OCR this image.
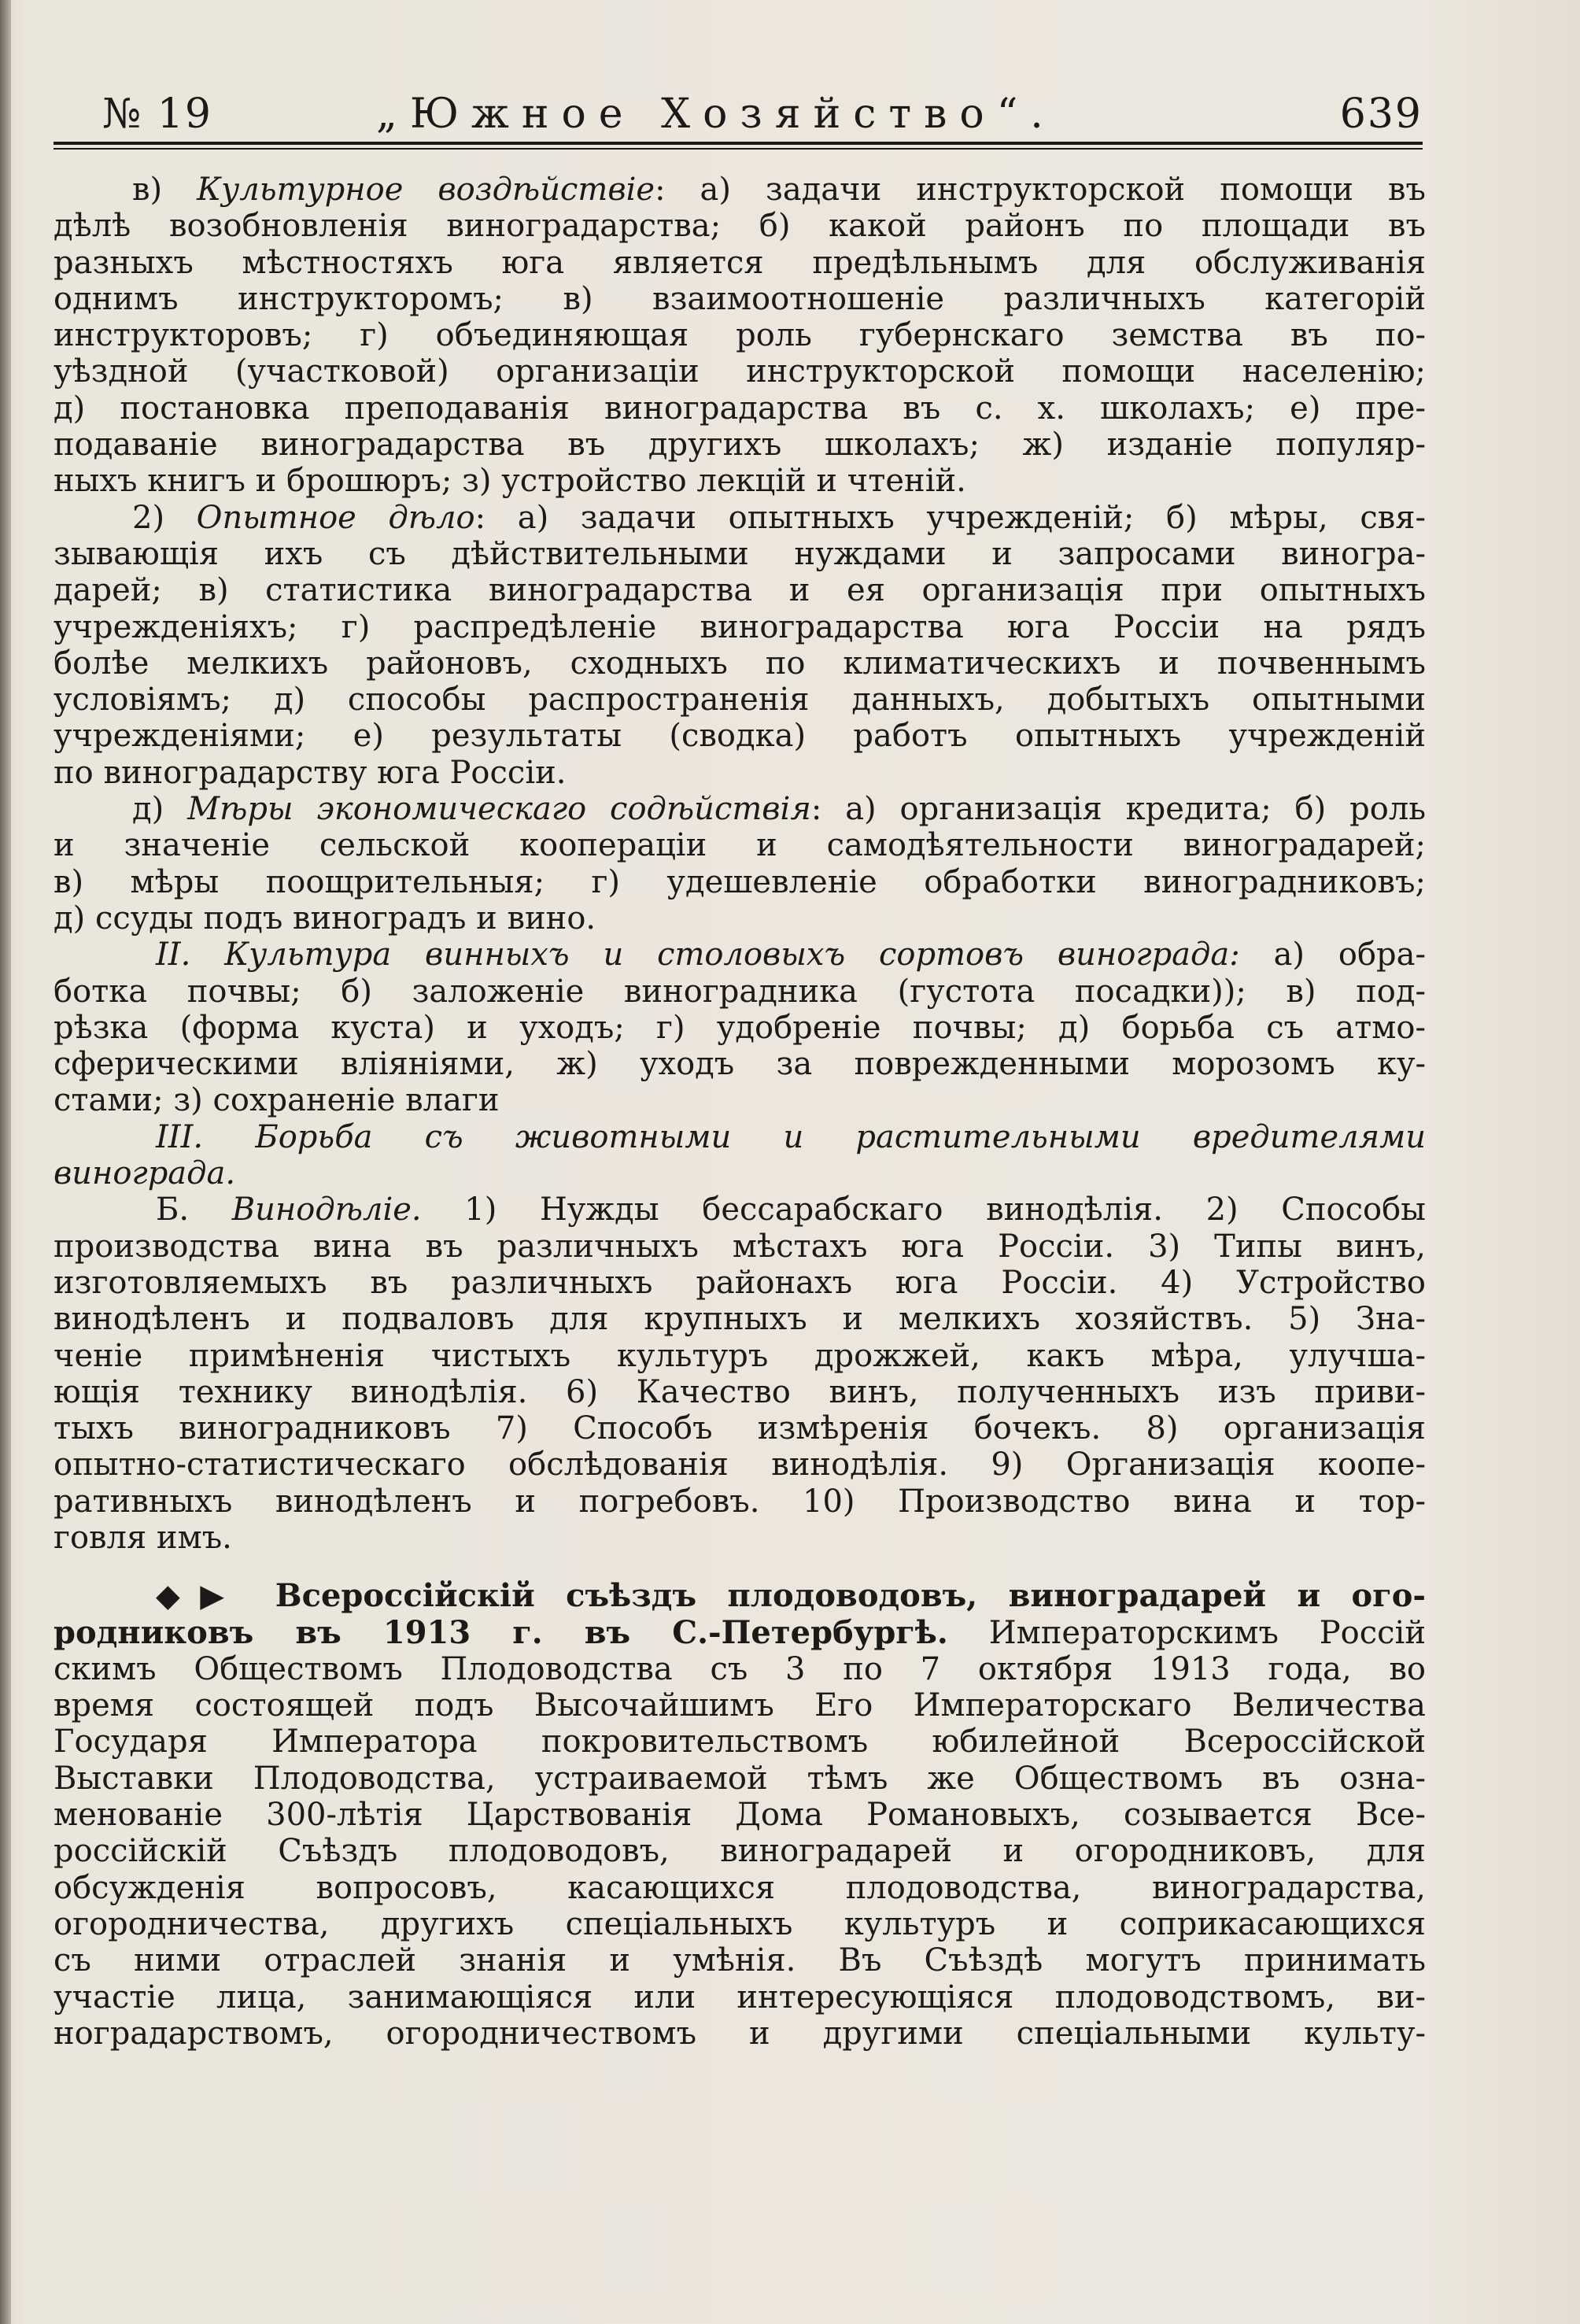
№ 19	„Южное Хозяйство“.	639
в) Культурное воздѣйствіе: а) задачи инструкторской помощи въ
дѣлѣ возобновленія виноградарства; б) какой районъ по площади въ
разныхъ мѣстностяхъ юга является предѣльнымъ для обслуживанія
однимъ инструкторомъ; в) взаимоотношеніе различныхъ категорій
инструкторовъ; г) объединяющая роль губернскаго земства въ по-
уѣздной (участковой) организаціи инструкторской помощи населенію;
д) постановка преподаванія виноградарства въ с. х. школахъ; е) пре-
подаваніе виноградарства въ другихъ школахъ; ж) изданіе популяр-
ныхъ книгъ и брошюръ; з) устройство лекцій и чтеній.
2) Опытное дѣло: а) задачи опытныхъ учрежденій; б) мѣры, свя-
зывающія ихъ съ дѣйствительными нуждами и запросами виногра-
дарей; в) статистика виноградарства и ея организація при опытныхъ
учрежденіяхъ; г) распредѣленіе виноградарства юга Россіи на рядъ
болѣе мелкихъ районовъ, сходныхъ по климатическихъ и почвеннымъ
условіямъ; д) способы распространенія данныхъ, добытыхъ опытными
учрежденіями; е) результаты (сводка) работъ опытныхъ учрежденій
по виноградарству юга Россіи.
д) Мѣры экономическаго содѣйствія: а) организація кредита; б) роль
и значеніе сельской коопераціи и самодѣятельности виноградарей;
в) мѣры поощрительныя; г) удешевленіе обработки виноградниковъ;
д) ссуды подъ виноградъ и вино.
II. Культура винныхъ и столовыхъ сортовъ винограда: а) обра-
ботка почвы; б) заложеніе виноградника (густота посадки)); в) под-
рѣзка (форма куста) и уходъ; г) удобреніе почвы; д) борьба съ атмо-
сферическими вліяніями, ж) уходъ за поврежденными морозомъ ку-
стами; з) сохраненіе влаги
III. Борьба съ животными и растительными вредителями
винограда.
Б. Винодѣліе. 1) Нужды бессарабскаго винодѣлія. 2) Способы
производства вина въ различныхъ мѣстахъ юга Россіи. 3) Типы винъ,
изготовляемыхъ въ различныхъ районахъ юга Россіи. 4) Устройство
винодѣленъ и подваловъ для крупныхъ и мелкихъ хозяйствъ. 5) Зна-
ченіе примѣненія чистыхъ культуръ дрожжей, какъ мѣра, улучша-
ющія технику винодѣлія. 6) Качество винъ, полученныхъ изъ приви-
тыхъ виноградниковъ 7) Способъ измѣренія бочекъ. 8) организація
опытно-статистическаго обслѣдованія винодѣлія. 9) Организація коопе-
ративныхъ винодѣленъ и погребовъ. 10) Производство вина и тор-
говля имъ.
◆▶ Всероссійскій съѣздъ плодоводовъ, виноградарей и ого-
родниковъ въ 1913 г. въ С.-Петербургѣ. Императорскимъ Россій
скимъ Обществомъ Плодоводства съ 3 по 7 октября 1913 года, во
время состоящей подъ Высочайшимъ Его Императорскаго Величества
Государя Императора покровительствомъ юбилейной Всероссійской
Выставки Плодоводства, устраиваемой тѣмъ же Обществомъ въ озна-
менованіе 300-лѣтія Царствованія Дома Романовыхъ, созывается Все-
россійскій Съѣздъ плодоводовъ, виноградарей и огородниковъ, для
обсужденія вопросовъ, касающихся плодоводства, виноградарства,
огородничества, другихъ спеціальныхъ культуръ и соприкасающихся
съ ними отраслей знанія и умѣнія. Въ Съѣздѣ могутъ принимать
участіе лица, занимающіяся или интересующіяся плодоводствомъ, ви-
ноградарствомъ, огородничествомъ и другими спеціальными культу-
